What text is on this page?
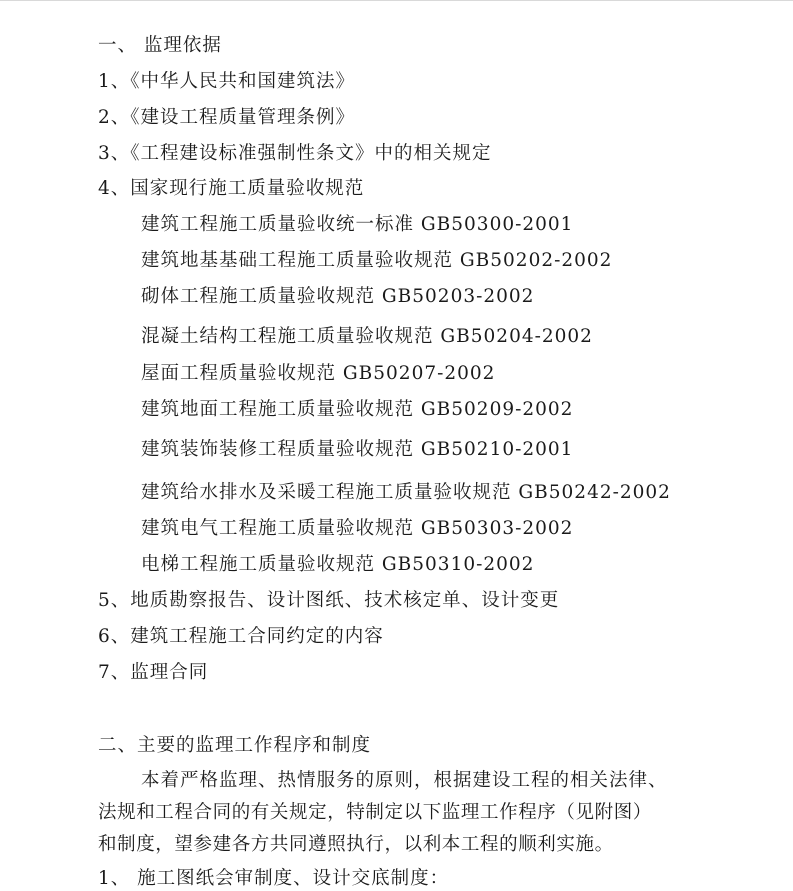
一、 监理依据
1、《中华人民共和国建筑法》
2、《建设工程质量管理条例》
3、《工程建设标准强制性条文》中的相关规定
4、国家现行施工质量验收规范
建筑工程施工质量验收统一标准 GB50300-2001
建筑地基基础工程施工质量验收规范 GB50202-2002
砌体工程施工质量验收规范 GB50203-2002
混凝土结构工程施工质量验收规范 GB50204-2002
屋面工程质量验收规范 GB50207-2002
建筑地面工程施工质量验收规范 GB50209-2002
建筑装饰装修工程质量验收规范 GB50210-2001
建筑给水排水及采暖工程施工质量验收规范 GB50242-2002
建筑电气工程施工质量验收规范 GB50303-2002
电梯工程施工质量验收规范 GB50310-2002
5、地质勘察报告、设计图纸、技术核定单、设计变更
6、建筑工程施工合同约定的内容
7、监理合同
二、主要的监理工作程序和制度
本着严格监理、热情服务的原则，根据建设工程的相关法律、
法规和工程合同的有关规定，特制定以下监理工作程序（见附图）
和制度，望参建各方共同遵照执行，以利本工程的顺利实施。
1、 施工图纸会审制度、设计交底制度：
